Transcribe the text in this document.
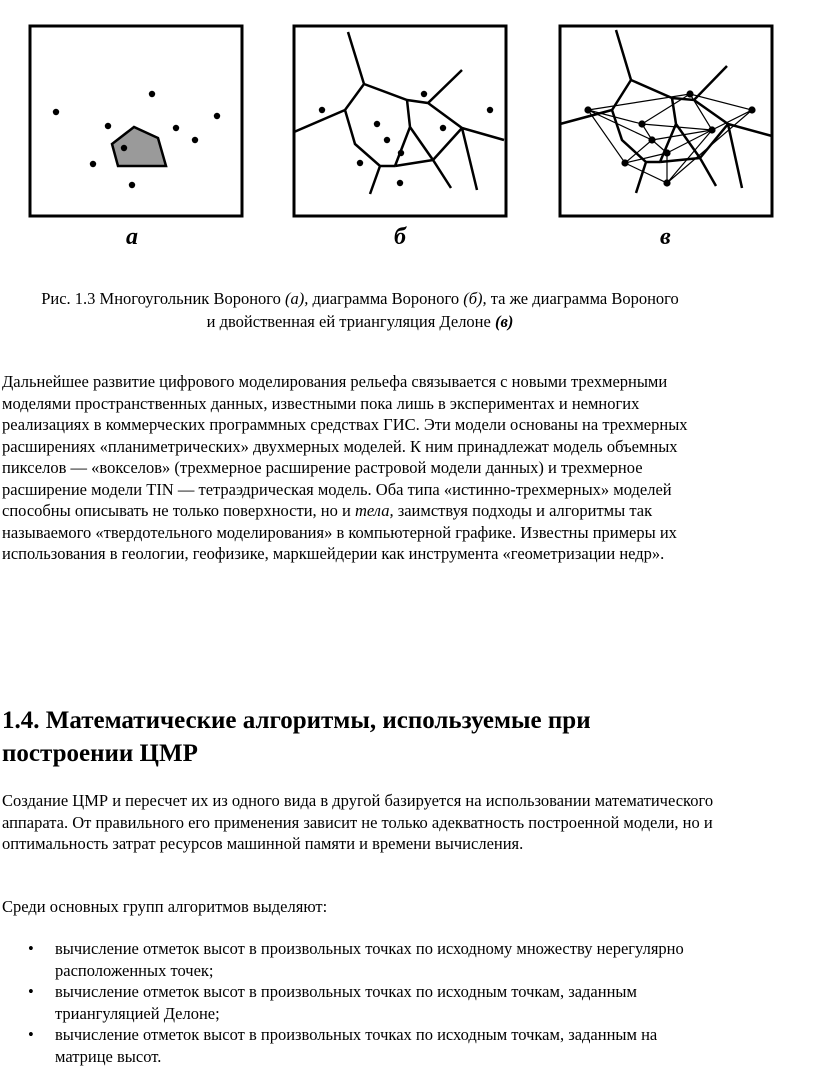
а	б	в
Рис. 1.3 Многоугольник Вороного (а), диаграмма Вороного (б), та же диаграмма Вороного
и двойственная ей триангуляция Делоне (в)
Дальнейшее развитие цифрового моделирования рельефа связывается с новыми трехмерными моделями пространственных данных, известными пока лишь в экспериментах и немногих реализациях в коммерческих программных средствах ГИС. Эти модели основаны на трехмерных расширениях «планиметрических» двухмерных моделей. К ним принадлежат модель объемных пикселов — «вокселов» (трехмерное расширение растровой модели данных) и трехмерное расширение модели TIN — тетраэдрическая модель. Оба типа «истинно-трехмерных» моделей способны описывать не только поверхности, но и тела, заимствуя подходы и алгоритмы так называемого «твердотельного моделирования» в компьютерной графике. Известны примеры их использования в геологии, геофизике, маркшейдерии как инструмента «геометризации недр».
1.4. Математические алгоритмы, используемые при построении ЦМР
Создание ЦМР и пересчет их из одного вида в другой базируется на использовании математического аппарата. От правильного его применения зависит не только адекватность построенной модели, но и оптимальность затрат ресурсов машинной памяти и времени вычисления.
Среди основных групп алгоритмов выделяют:
• вычисление отметок высот в произвольных точках по исходному множеству нерегулярно расположенных точек;
• вычисление отметок высот в произвольных точках по исходным точкам, заданным триангуляцией Делоне;
• вычисление отметок высот в произвольных точках по исходным точкам, заданным на матрице высот.
